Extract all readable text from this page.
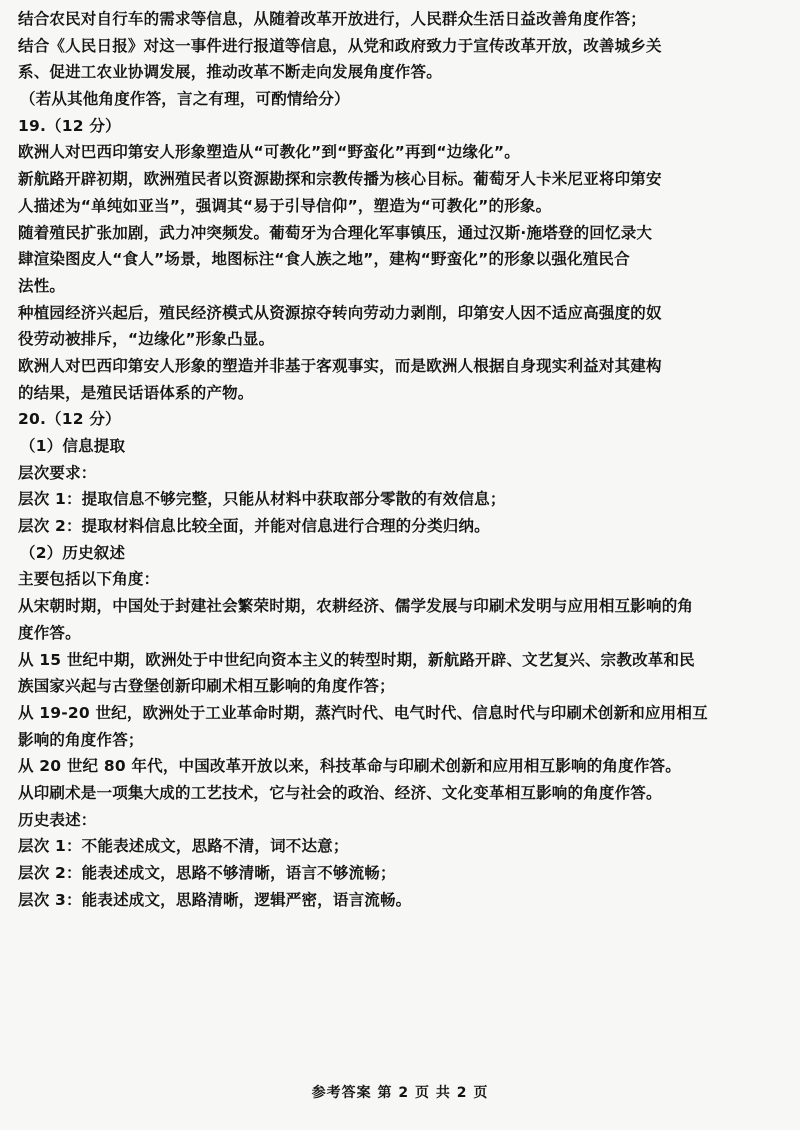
结合农民对自行车的需求等信息，从随着改革开放进行，人民群众生活日益改善角度作答；
结合《人民日报》对这一事件进行报道等信息，从党和政府致力于宣传改革开放，改善城乡关
系、促进工农业协调发展，推动改革不断走向发展角度作答。
（若从其他角度作答，言之有理，可酌情给分）
19.（12 分）
欧洲人对巴西印第安人形象塑造从“可教化”到“野蛮化”再到“边缘化”。
新航路开辟初期，欧洲殖民者以资源勘探和宗教传播为核心目标。葡萄牙人卡米尼亚将印第安
人描述为“单纯如亚当”，强调其“易于引导信仰”，塑造为“可教化”的形象。
随着殖民扩张加剧，武力冲突频发。葡萄牙为合理化军事镇压，通过汉斯·施塔登的回忆录大
肆渲染图皮人“食人”场景，地图标注“食人族之地”，建构“野蛮化”的形象以强化殖民合
法性。
种植园经济兴起后，殖民经济模式从资源掠夺转向劳动力剥削，印第安人因不适应高强度的奴
役劳动被排斥，“边缘化”形象凸显。
欧洲人对巴西印第安人形象的塑造并非基于客观事实，而是欧洲人根据自身现实利益对其建构
的结果，是殖民话语体系的产物。
20.（12 分）
（1）信息提取
层次要求：
层次 1：提取信息不够完整，只能从材料中获取部分零散的有效信息；
层次 2：提取材料信息比较全面，并能对信息进行合理的分类归纳。
（2）历史叙述
主要包括以下角度：
从宋朝时期，中国处于封建社会繁荣时期，农耕经济、儒学发展与印刷术发明与应用相互影响的角
度作答。
从 15 世纪中期，欧洲处于中世纪向资本主义的转型时期，新航路开辟、文艺复兴、宗教改革和民
族国家兴起与古登堡创新印刷术相互影响的角度作答；
从 19-20 世纪，欧洲处于工业革命时期，蒸汽时代、电气时代、信息时代与印刷术创新和应用相互
影响的角度作答；
从 20 世纪 80 年代，中国改革开放以来，科技革命与印刷术创新和应用相互影响的角度作答。
从印刷术是一项集大成的工艺技术，它与社会的政治、经济、文化变革相互影响的角度作答。
历史表述：
层次 1：不能表述成文，思路不清，词不达意；
层次 2：能表述成文，思路不够清晰，语言不够流畅；
层次 3：能表述成文，思路清晰，逻辑严密，语言流畅。
参考答案 第 2 页 共 2 页
